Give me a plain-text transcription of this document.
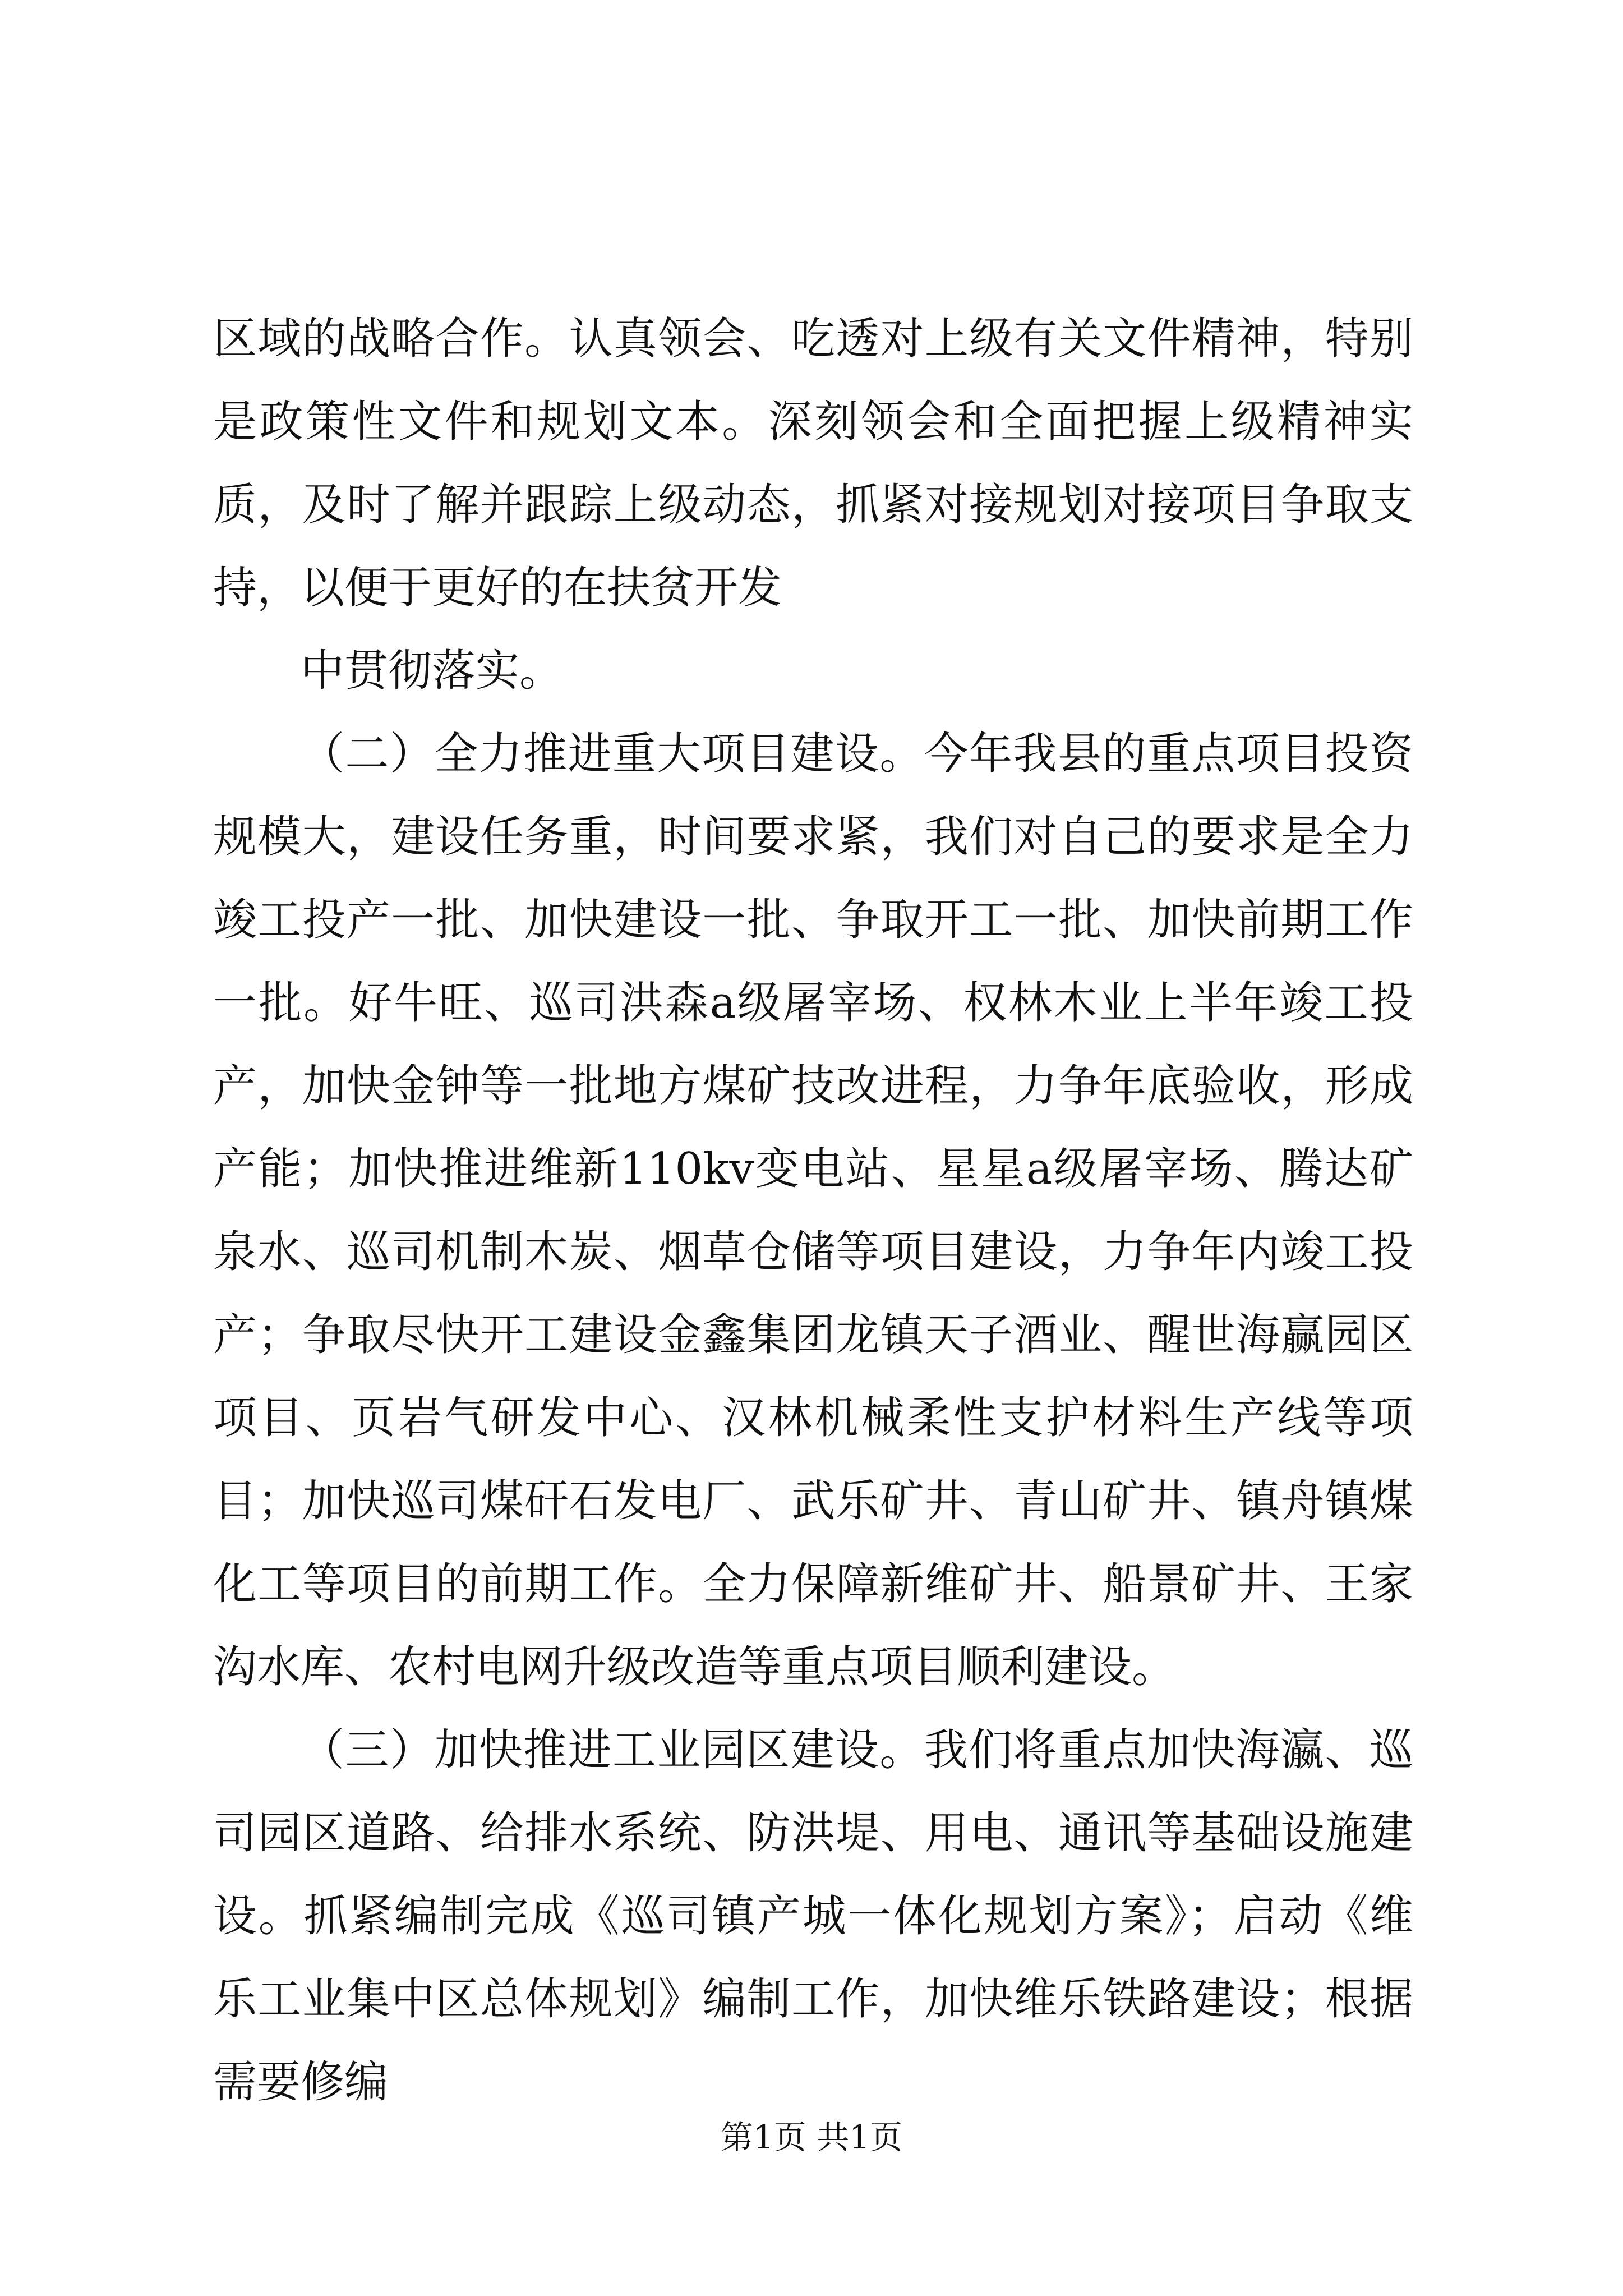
区域的战略合作。认真领会、吃透对上级有关文件精神，特别是政策性文件和规划文本。深刻领会和全面把握上级精神实质，及时了解并跟踪上级动态，抓紧对接规划对接项目争取支持，以便于更好的在扶贫开发

中贯彻落实。

（二）全力推进重大项目建设。今年我县的重点项目投资规模大，建设任务重，时间要求紧，我们对自己的要求是全力竣工投产一批、加快建设一批、争取开工一批、加快前期工作一批。好牛旺、巡司洪森a级屠宰场、权林木业上半年竣工投产，加快金钟等一批地方煤矿技改进程，力争年底验收，形成产能；加快推进维新110kv变电站、星星a级屠宰场、腾达矿泉水、巡司机制木炭、烟草仓储等项目建设，力争年内竣工投产；争取尽快开工建设金鑫集团龙镇天子酒业、醒世海赢园区项目、页岩气研发中心、汉林机械柔性支护材料生产线等项目；加快巡司煤矸石发电厂、武乐矿井、青山矿井、镇舟镇煤化工等项目的前期工作。全力保障新维矿井、船景矿井、王家沟水库、农村电网升级改造等重点项目顺利建设。

（三）加快推进工业园区建设。我们将重点加快海瀛、巡司园区道路、给排水系统、防洪堤、用电、通讯等基础设施建设。抓紧编制完成《巡司镇产城一体化规划方案》；启动《维乐工业集中区总体规划》编制工作，加快维乐铁路建设；根据需要修编

第1页 共1页
